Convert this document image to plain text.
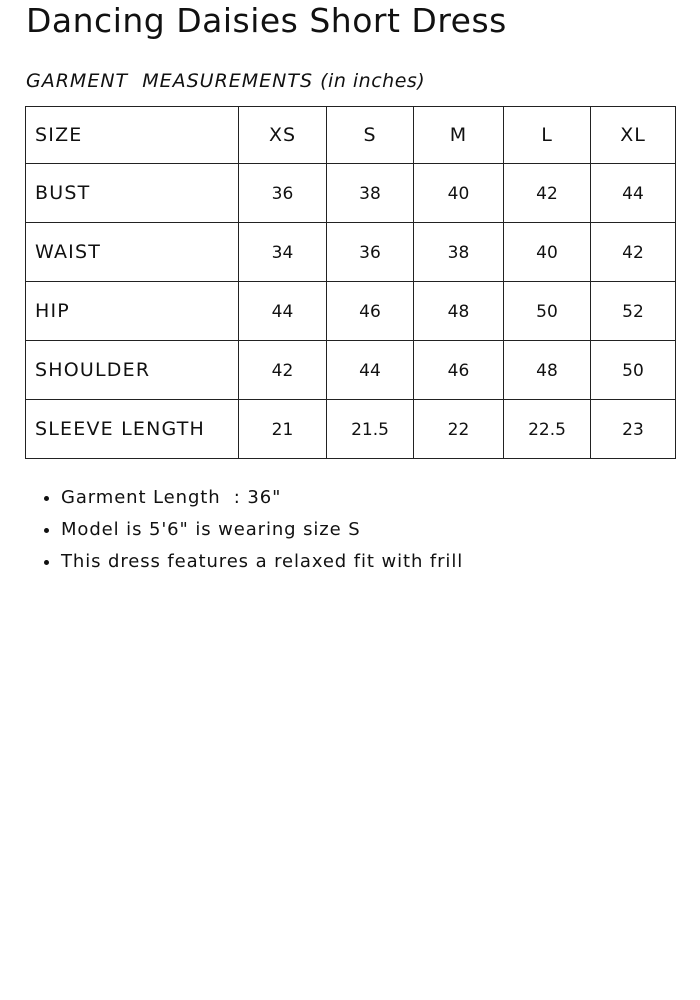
Dancing Daisies Short Dress
GARMENT  MEASUREMENTS (in inches)
SIZE	XS	S	M	L	XL
BUST	36	38	40	42	44
WAIST	34	36	38	40	42
HIP	44	46	48	50	52
SHOULDER	42	44	46	48	50
SLEEVE LENGTH	21	21.5	22	22.5	23
Garment Length  : 36"
Model is 5'6" is wearing size S
This dress features a relaxed fit with frill
